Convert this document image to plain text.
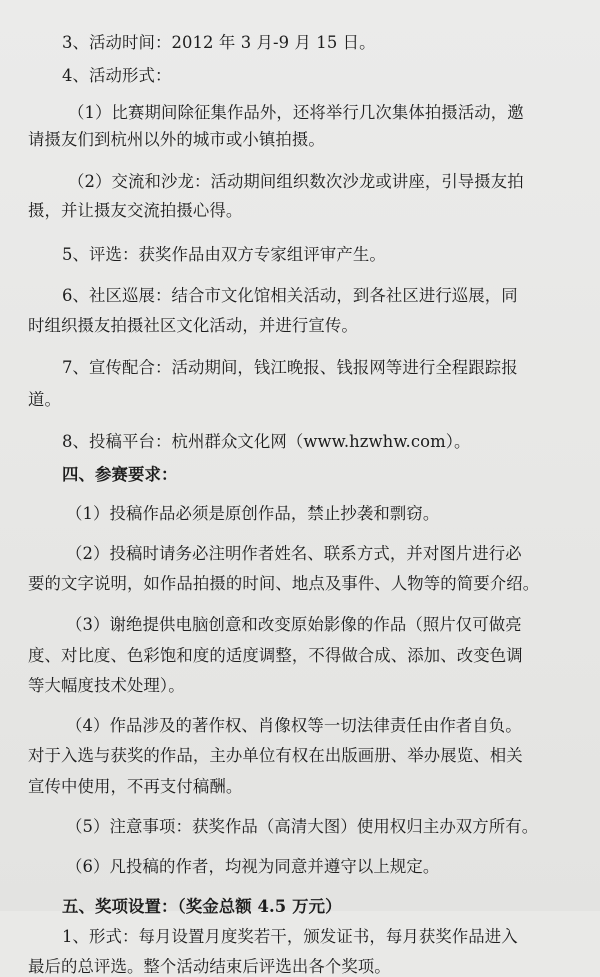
3、活动时间：2012 年 3 月-9 月 15 日。
4、活动形式：
（1）比赛期间除征集作品外，还将举行几次集体拍摄活动，邀
请摄友们到杭州以外的城市或小镇拍摄。
（2）交流和沙龙：活动期间组织数次沙龙或讲座，引导摄友拍
摄，并让摄友交流拍摄心得。
5、评选：获奖作品由双方专家组评审产生。
6、社区巡展：结合市文化馆相关活动，到各社区进行巡展，同
时组织摄友拍摄社区文化活动，并进行宣传。
7、宣传配合：活动期间，钱江晚报、钱报网等进行全程跟踪报
道。
8、投稿平台：杭州群众文化网（www.hzwhw.com）。
四、参赛要求：
（1）投稿作品必须是原创作品，禁止抄袭和剽窃。
（2）投稿时请务必注明作者姓名、联系方式，并对图片进行必
要的文字说明，如作品拍摄的时间、地点及事件、人物等的简要介绍。
（3）谢绝提供电脑创意和改变原始影像的作品（照片仅可做亮
度、对比度、色彩饱和度的适度调整，不得做合成、添加、改变色调
等大幅度技术处理）。
（4）作品涉及的著作权、肖像权等一切法律责任由作者自负。
对于入选与获奖的作品，主办单位有权在出版画册、举办展览、相关
宣传中使用，不再支付稿酬。
（5）注意事项：获奖作品（高清大图）使用权归主办双方所有。
（6）凡投稿的作者，均视为同意并遵守以上规定。
五、奖项设置：（奖金总额 4.5 万元）
1、形式：每月设置月度奖若干，颁发证书，每月获奖作品进入
最后的总评选。整个活动结束后评选出各个奖项。
